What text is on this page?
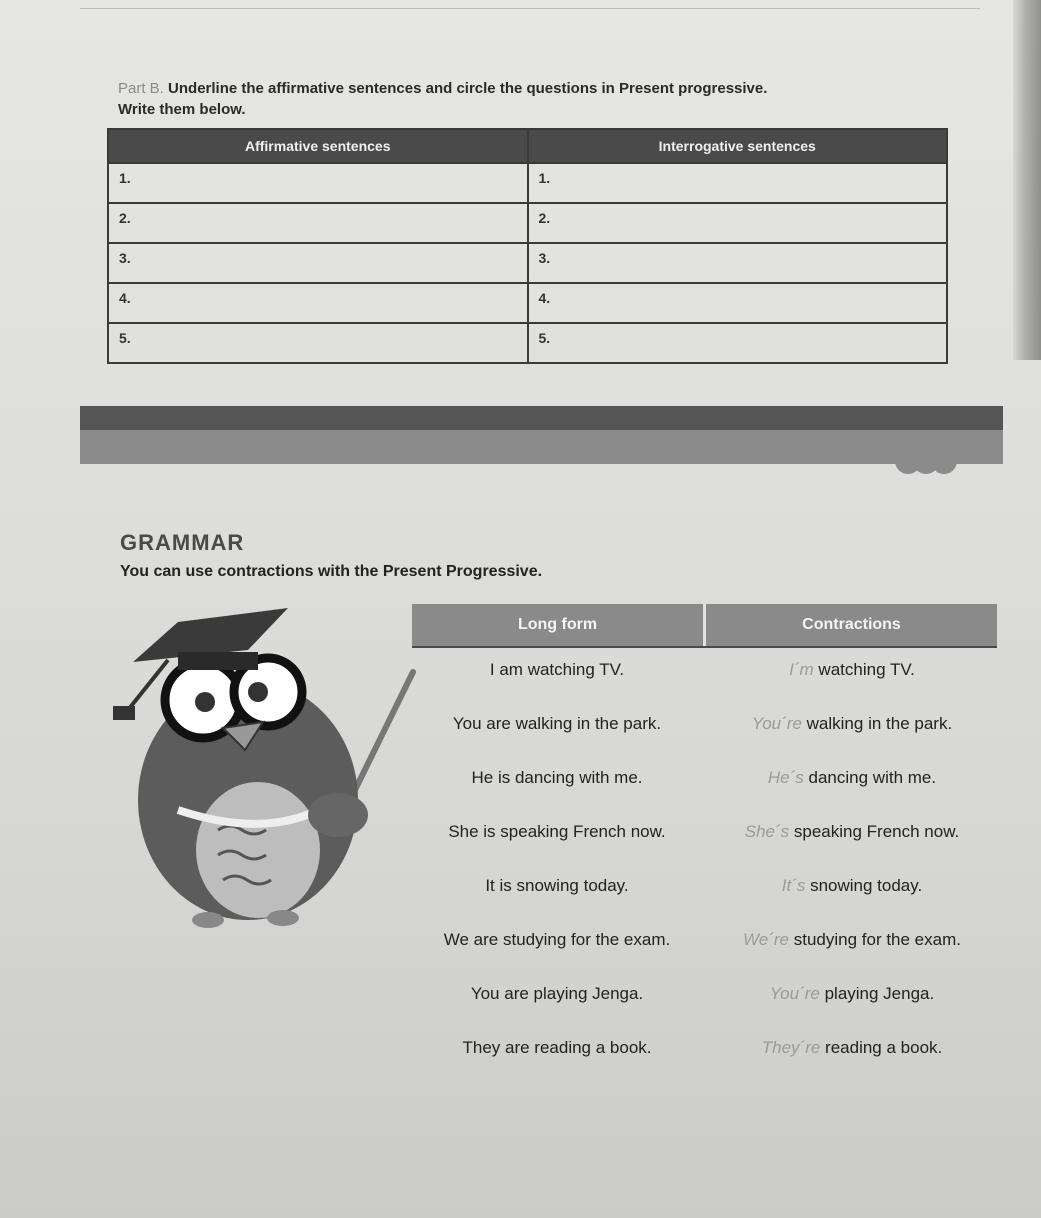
Part B. Underline the affirmative sentences and circle the questions in Present progressive.
Write them below.
Affirmative sentences	Interrogative sentences
1.	1.
2.	2.
3.	3.
4.	4.
5.	5.
GRAMMAR
You can use contractions with the Present Progressive.
Long form	Contractions
I am watching TV.	I´m watching TV.
You are walking in the park.	You´re walking in the park.
He is dancing with me.	He´s dancing with me.
She is speaking French now.	She´s speaking French now.
It is snowing today.	It´s snowing today.
We are studying for the exam.	We´re studying for the exam.
You are playing Jenga.	You´re playing Jenga.
They are reading a book.	They´re reading a book.
